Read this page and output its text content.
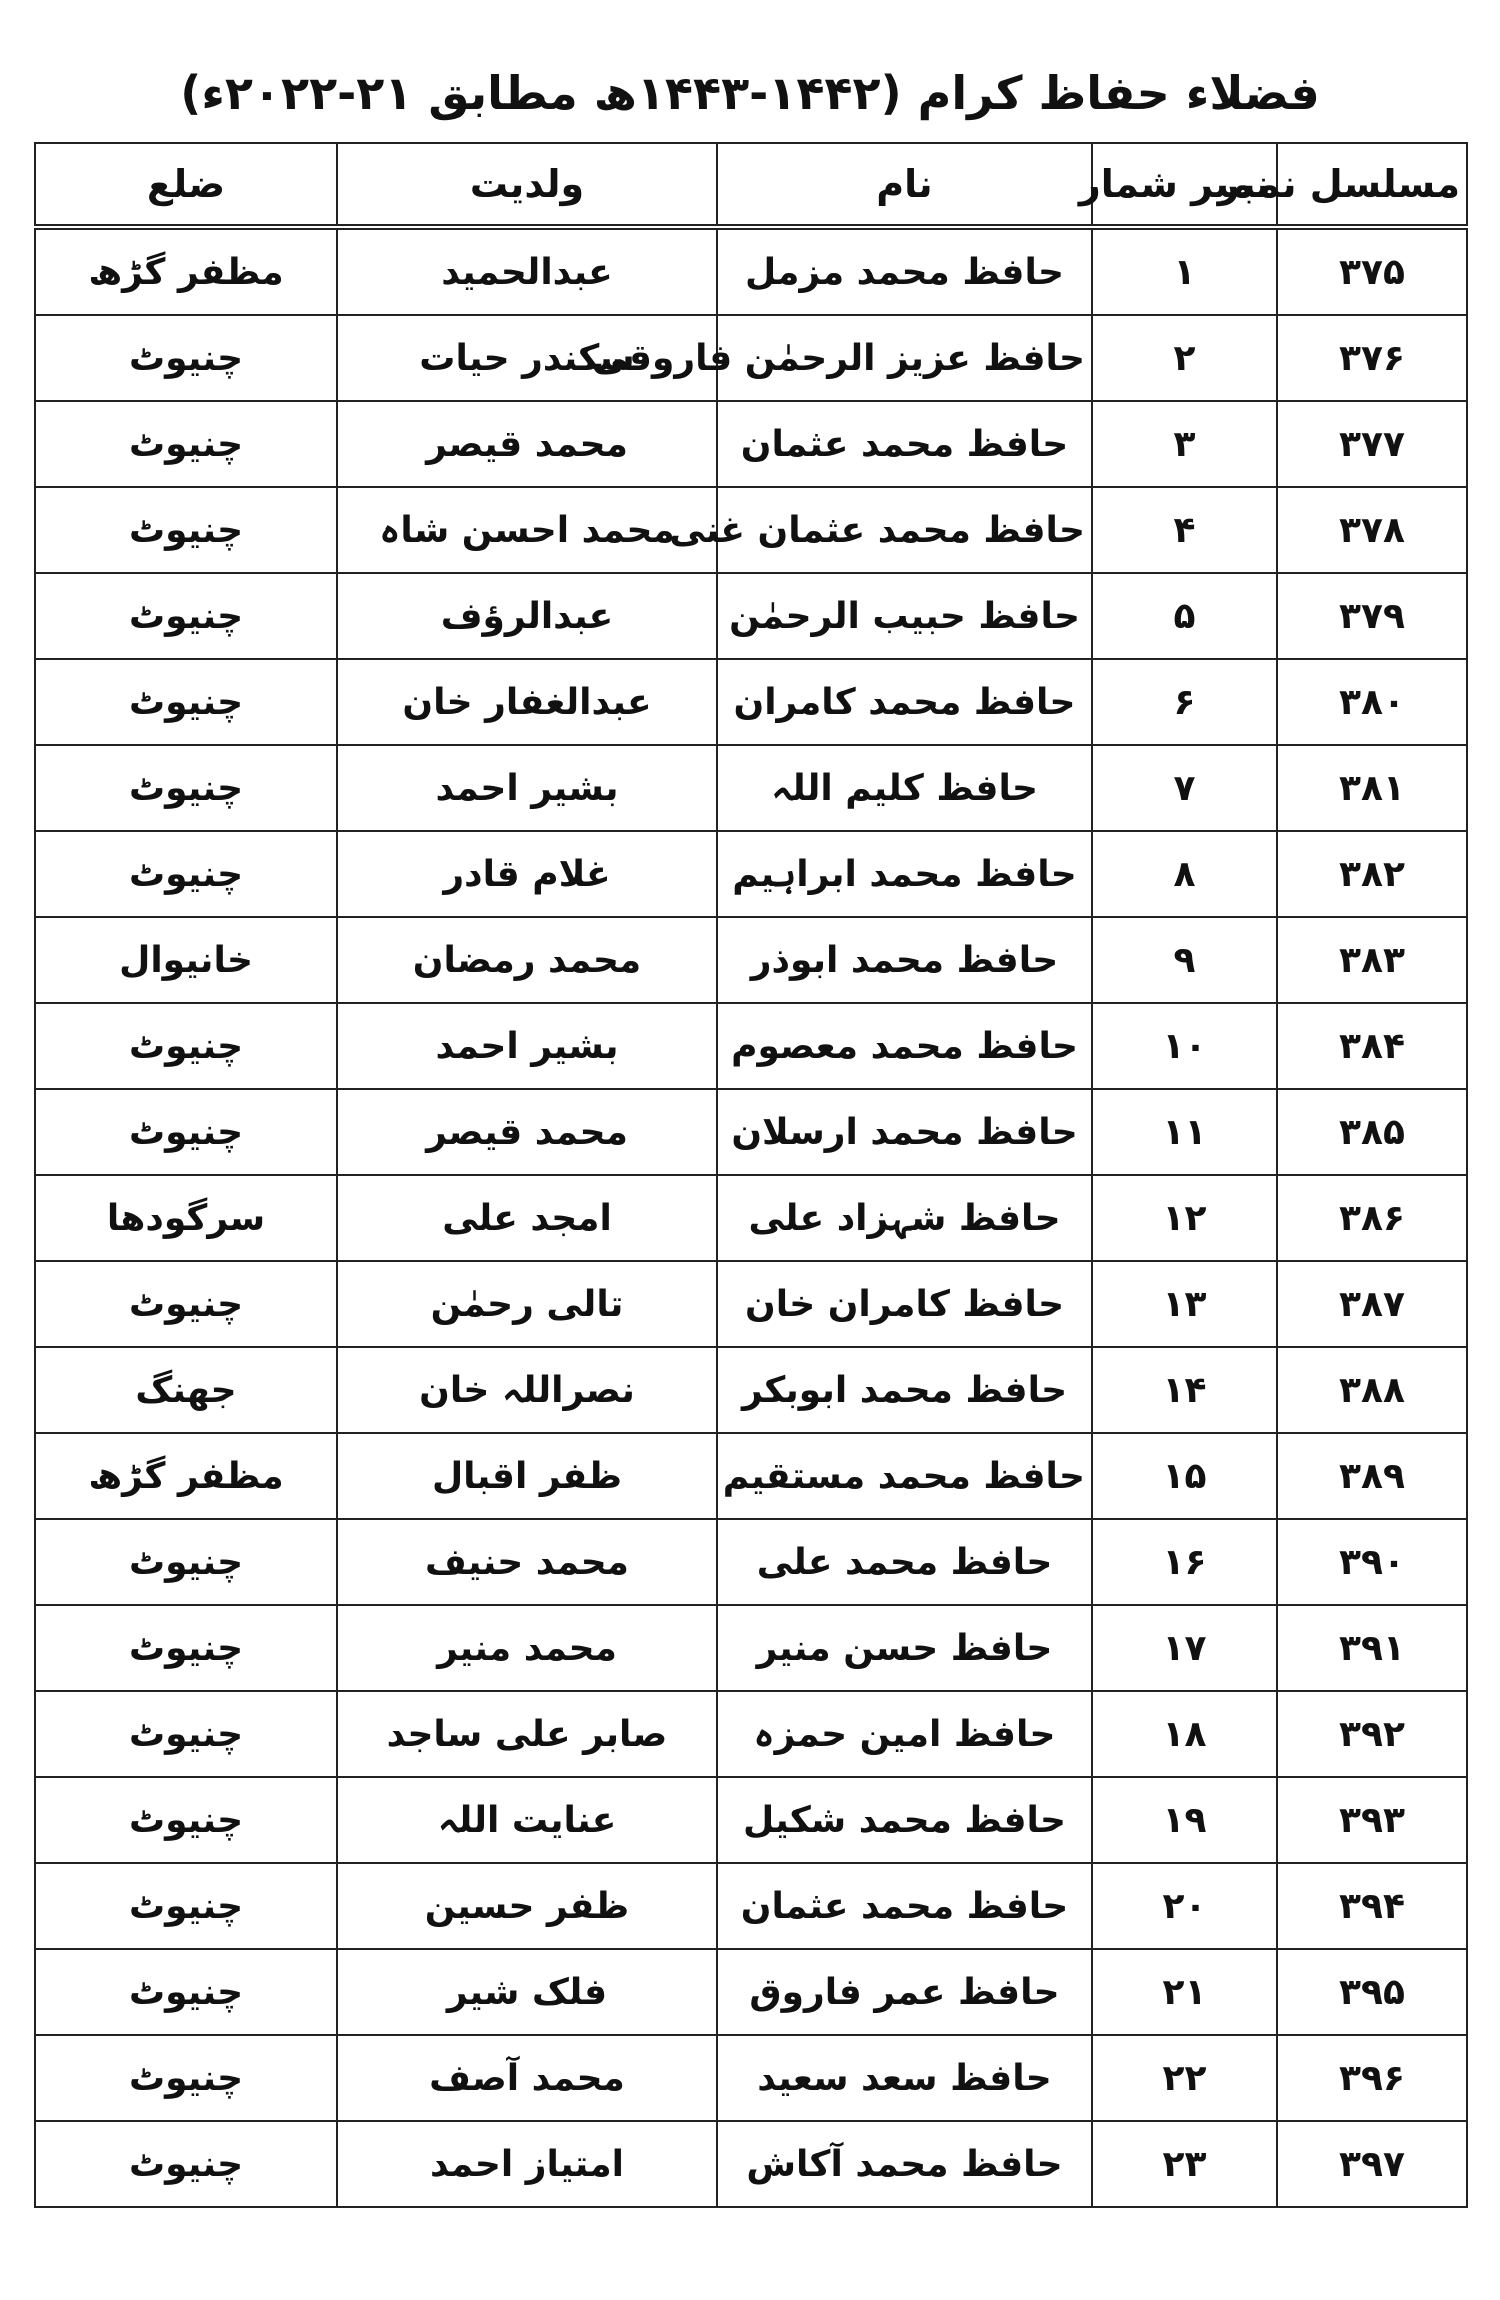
فضلاء حفاظ کرام (۱۴۴۲-۱۴۴۳ھ مطابق ۲۱-۲۰۲۲ء)
مسلسل نمبر	نمبر شمار	نام	ولدیت	ضلع
۳۷۵	۱	حافظ محمد مزمل	عبدالحمید	مظفر گڑھ
۳۷۶	۲	حافظ عزیز الرحمٰن فاروقی	سکندر حیات	چنیوٹ
۳۷۷	۳	حافظ محمد عثمان	محمد قیصر	چنیوٹ
۳۷۸	۴	حافظ محمد عثمان غنی	محمد احسن شاہ	چنیوٹ
۳۷۹	۵	حافظ حبیب الرحمٰن	عبدالرؤف	چنیوٹ
۳۸۰	۶	حافظ محمد کامران	عبدالغفار خان	چنیوٹ
۳۸۱	۷	حافظ کلیم اللہ	بشیر احمد	چنیوٹ
۳۸۲	۸	حافظ محمد ابراہیم	غلام قادر	چنیوٹ
۳۸۳	۹	حافظ محمد ابوذر	محمد رمضان	خانیوال
۳۸۴	۱۰	حافظ محمد معصوم	بشیر احمد	چنیوٹ
۳۸۵	۱۱	حافظ محمد ارسلان	محمد قیصر	چنیوٹ
۳۸۶	۱۲	حافظ شہزاد علی	امجد علی	سرگودھا
۳۸۷	۱۳	حافظ کامران خان	تالی رحمٰن	چنیوٹ
۳۸۸	۱۴	حافظ محمد ابوبکر	نصراللہ خان	جھنگ
۳۸۹	۱۵	حافظ محمد مستقیم	ظفر اقبال	مظفر گڑھ
۳۹۰	۱۶	حافظ محمد علی	محمد حنیف	چنیوٹ
۳۹۱	۱۷	حافظ حسن منیر	محمد منیر	چنیوٹ
۳۹۲	۱۸	حافظ امین حمزہ	صابر علی ساجد	چنیوٹ
۳۹۳	۱۹	حافظ محمد شکیل	عنایت اللہ	چنیوٹ
۳۹۴	۲۰	حافظ محمد عثمان	ظفر حسین	چنیوٹ
۳۹۵	۲۱	حافظ عمر فاروق	فلک شیر	چنیوٹ
۳۹۶	۲۲	حافظ سعد سعید	محمد آصف	چنیوٹ
۳۹۷	۲۳	حافظ محمد آکاش	امتیاز احمد	چنیوٹ
